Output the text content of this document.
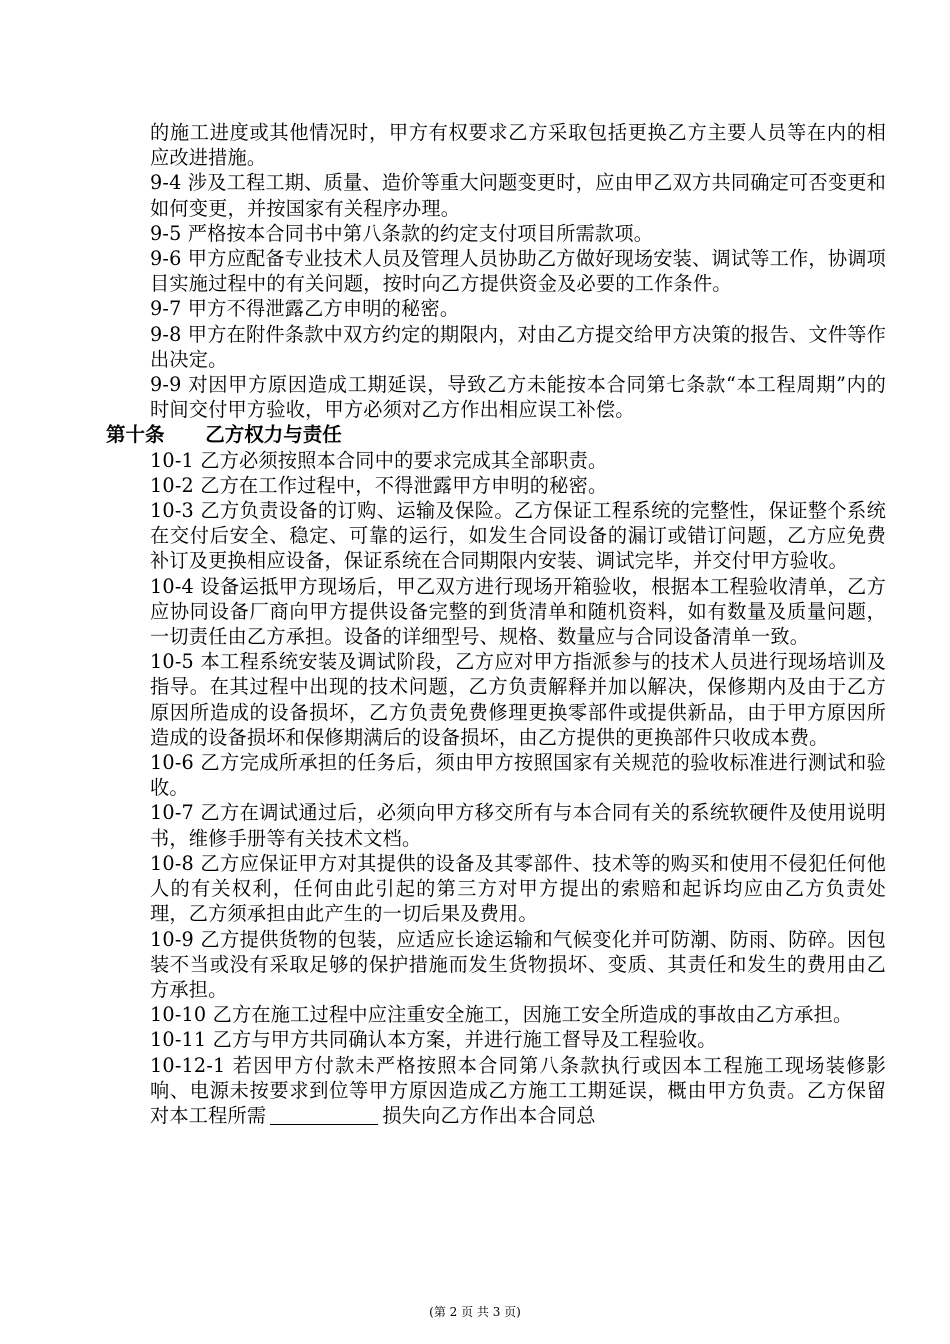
的施工进度或其他情况时，甲方有权要求乙方采取包括更换乙方主要人员等在内的相应改进措施。

9-4 涉及工程工期、质量、造价等重大问题变更时，应由甲乙双方共同确定可否变更和如何变更，并按国家有关程序办理。

9-5 严格按本合同书中第八条款的约定支付项目所需款项。

9-6 甲方应配备专业技术人员及管理人员协助乙方做好现场安装、调试等工作，协调项目实施过程中的有关问题，按时向乙方提供资金及必要的工作条件。

9-7 甲方不得泄露乙方申明的秘密。

9-8 甲方在附件条款中双方约定的期限内，对由乙方提交给甲方决策的报告、文件等作出决定。

9-9 对因甲方原因造成工期延误，导致乙方未能按本合同第七条款“本工程周期”内的时间交付甲方验收，甲方必须对乙方作出相应误工补偿。

第十条      乙方权力与责任

10-1 乙方必须按照本合同中的要求完成其全部职责。

10-2 乙方在工作过程中，不得泄露甲方申明的秘密。

10-3 乙方负责设备的订购、运输及保险。乙方保证工程系统的完整性，保证整个系统在交付后安全、稳定、可靠的运行，如发生合同设备的漏订或错订问题，乙方应免费补订及更换相应设备，保证系统在合同期限内安装、调试完毕，并交付甲方验收。

10-4 设备运抵甲方现场后，甲乙双方进行现场开箱验收，根据本工程验收清单，乙方应协同设备厂商向甲方提供设备完整的到货清单和随机资料，如有数量及质量问题，一切责任由乙方承担。设备的详细型号、规格、数量应与合同设备清单一致。

10-5 本工程系统安装及调试阶段，乙方应对甲方指派参与的技术人员进行现场培训及指导。在其过程中出现的技术问题，乙方负责解释并加以解决，保修期内及由于乙方原因所造成的设备损坏，乙方负责免费修理更换零部件或提供新品，由于甲方原因所造成的设备损坏和保修期满后的设备损坏，由乙方提供的更换部件只收成本费。

10-6 乙方完成所承担的任务后，须由甲方按照国家有关规范的验收标准进行测试和验收。

10-7 乙方在调试通过后，必须向甲方移交所有与本合同有关的系统软硬件及使用说明书，维修手册等有关技术文档。

10-8 乙方应保证甲方对其提供的设备及其零部件、技术等的购买和使用不侵犯任何他人的有关权利，任何由此引起的第三方对甲方提出的索赔和起诉均应由乙方负责处理，乙方须承担由此产生的一切后果及费用。

10-9 乙方提供货物的包装，应适应长途运输和气候变化并可防潮、防雨、防碎。因包装不当或没有采取足够的保护措施而发生货物损坏、变质、其责任和发生的费用由乙方承担。

10-10 乙方在施工过程中应注重安全施工，因施工安全所造成的事故由乙方承担。

10-11 乙方与甲方共同确认本方案，并进行施工督导及工程验收。

10-12-1 若因甲方付款未严格按照本合同第八条款执行或因本工程施工现场装修影响、电源未按要求到位等甲方原因造成乙方施工工期延误，概由甲方负责。乙方保留对本工程所需	损失向乙方作出本合同总

(第 2 页 共 3 页)
